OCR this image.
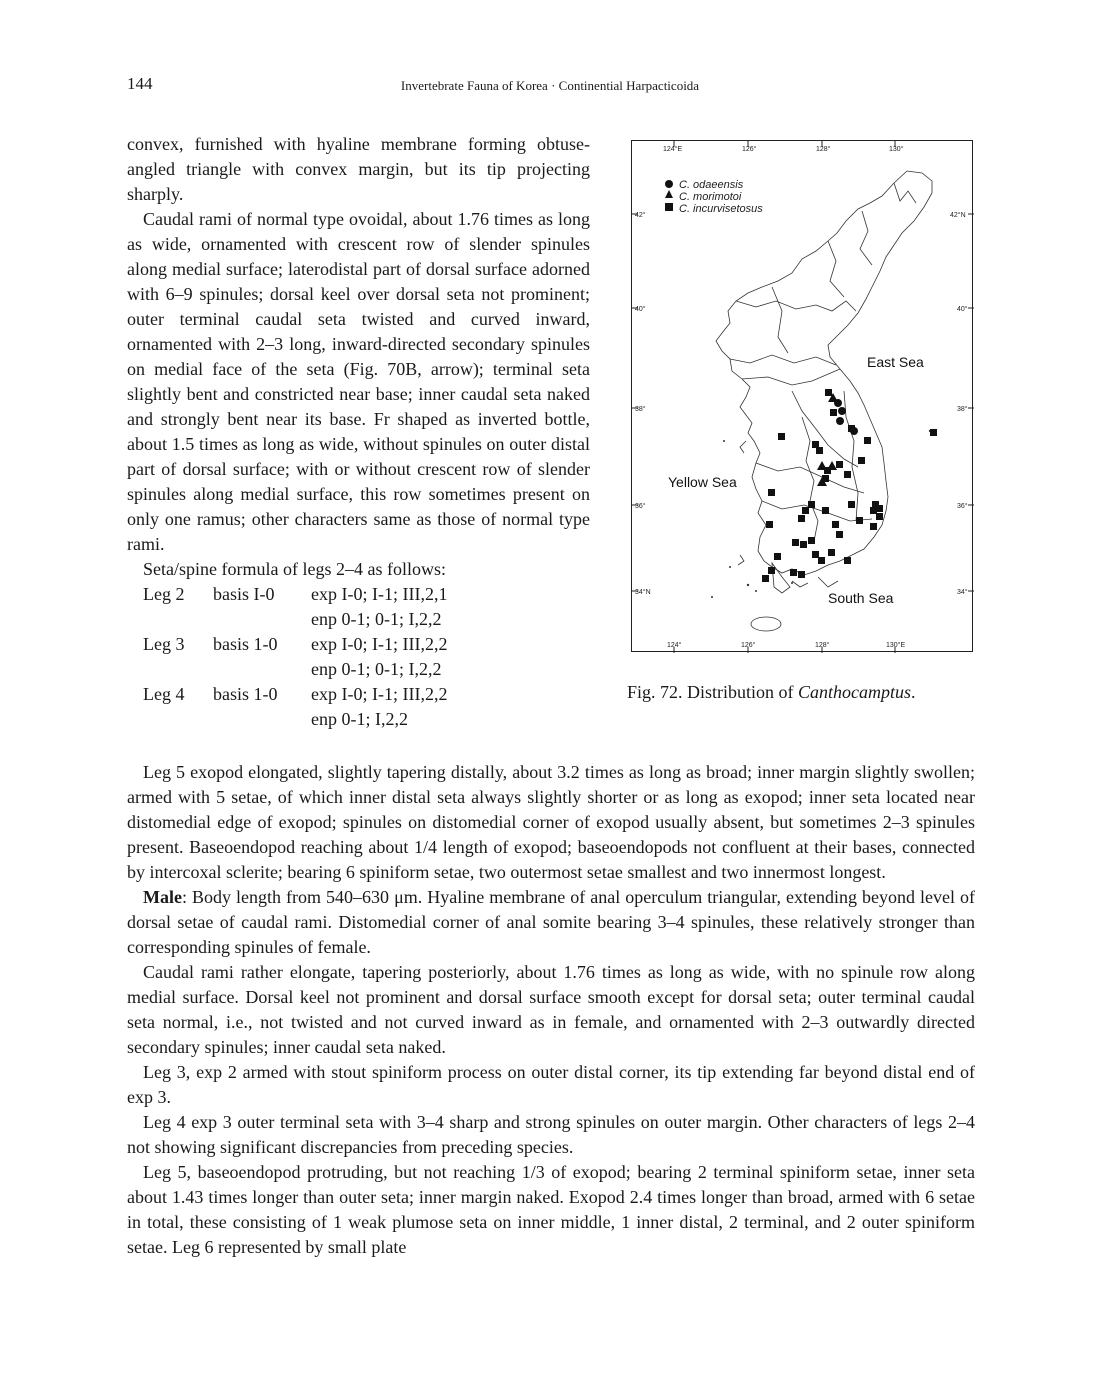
144	Invertebrate Fauna of Korea · Continential Harpacticoida

convex, furnished with hyaline membrane forming obtuse-angled triangle with convex margin, but its tip projecting sharply.

Caudal rami of normal type ovoidal, about 1.76 times as long as wide, ornamented with crescent row of slender spinules along medial surface; laterodistal part of dorsal surface adorned with 6–9 spinules; dorsal keel over dorsal seta not prominent; outer terminal caudal seta twisted and curved inward, ornamented with 2–3 long, inward-directed secondary spinules on medial face of the seta (Fig. 70B, arrow); terminal seta slightly bent and constricted near base; inner caudal seta naked and strongly bent near its base. Fr shaped as inverted bottle, about 1.5 times as long as wide, without spinules on outer distal part of dorsal surface; with or without crescent row of slender spinules along medial surface, this row sometimes present on only one ramus; other characters same as those of normal type rami.

Seta/spine formula of legs 2–4 as follows:

Leg 2	basis I-0	exp I-0; I-1; III,2,1
		enp 0-1; 0-1; I,2,2
Leg 3	basis 1-0	exp I-0; I-1; III,2,2
		enp 0-1; 0-1; I,2,2
Leg 4	basis 1-0	exp I-0; I-1; III,2,2
		enp 0-1; I,2,2
124°E	126°	128°	130°
124°	126°	128°	130°E
42°
40°
38°
36°
34°N
42°N
40°
38°
36°
34°
C. odaeensis
C. morimotoi
C. incurvisetosus
East Sea
Yellow Sea
South Sea
Fig. 72. Distribution of Canthocamptus.

Leg 5 exopod elongated, slightly tapering distally, about 3.2 times as long as broad; inner margin slightly swollen; armed with 5 setae, of which inner distal seta always slightly shorter or as long as exopod; inner seta located near distomedial edge of exopod; spinules on distomedial corner of exopod usually absent, but sometimes 2–3 spinules present. Baseoendopod reaching about 1/4 length of exopod; baseoendopods not confluent at their bases, connected by intercoxal sclerite; bearing 6 spiniform setae, two outermost setae smallest and two innermost longest.

Male: Body length from 540–630 μm. Hyaline membrane of anal operculum triangular, extending beyond level of dorsal setae of caudal rami. Distomedial corner of anal somite bearing 3–4 spinules, these relatively stronger than corresponding spinules of female.

Caudal rami rather elongate, tapering posteriorly, about 1.76 times as long as wide, with no spinule row along medial surface. Dorsal keel not prominent and dorsal surface smooth except for dorsal seta; outer terminal caudal seta normal, i.e., not twisted and not curved inward as in female, and ornamented with 2–3 outwardly directed secondary spinules; inner caudal seta naked.

Leg 3, exp 2 armed with stout spiniform process on outer distal corner, its tip extending far beyond distal end of exp 3.

Leg 4 exp 3 outer terminal seta with 3–4 sharp and strong spinules on outer margin. Other characters of legs 2–4 not showing significant discrepancies from preceding species.

Leg 5, baseoendopod protruding, but not reaching 1/3 of exopod; bearing 2 terminal spiniform setae, inner seta about 1.43 times longer than outer seta; inner margin naked. Exopod 2.4 times longer than broad, armed with 6 setae in total, these consisting of 1 weak plumose seta on inner middle, 1 inner distal, 2 terminal, and 2 outer spiniform setae. Leg 6 represented by small plate
